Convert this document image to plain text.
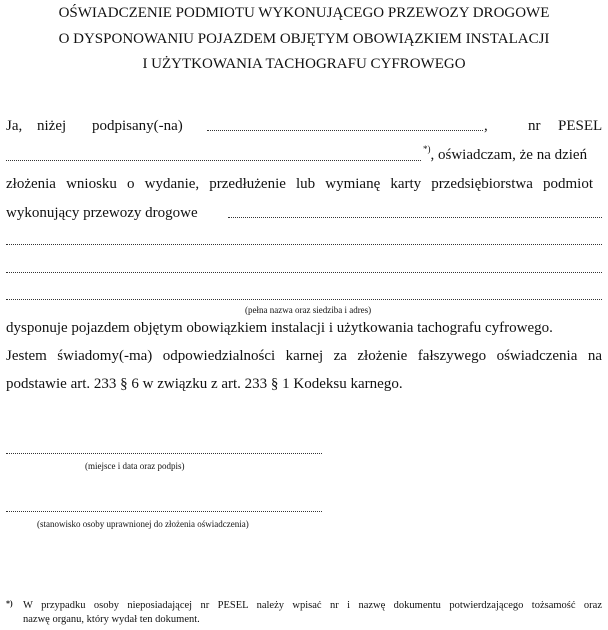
OŚWIADCZENIE PODMIOTU WYKONUJĄCEGO PRZEWOZY DROGOWE
O DYSPONOWANIU POJAZDEM OBJĘTYM OBOWIĄZKIEM INSTALACJI
I UŻYTKOWANIA TACHOGRAFU CYFROWEGO
Ja, niżej podpisany(-na)	,	nr PESEL
*), oświadczam, że na dzień
złożenia wniosku o wydanie, przedłużenie lub wymianę karty przedsiębiorstwa podmiot
wykonujący przewozy drogowe
(pełna nazwa oraz siedziba i adres)
dysponuje pojazdem objętym obowiązkiem instalacji i użytkowania tachografu cyfrowego.
Jestem świadomy(-ma) odpowiedzialności karnej za złożenie fałszywego oświadczenia na
podstawie art. 233 § 6 w związku z art. 233 § 1 Kodeksu karnego.
(miejsce i data oraz podpis)
(stanowisko osoby uprawnionej do złożenia oświadczenia)
*) W przypadku osoby nieposiadającej nr PESEL należy wpisać nr i nazwę dokumentu potwierdzającego tożsamość oraz
nazwę organu, który wydał ten dokument.
